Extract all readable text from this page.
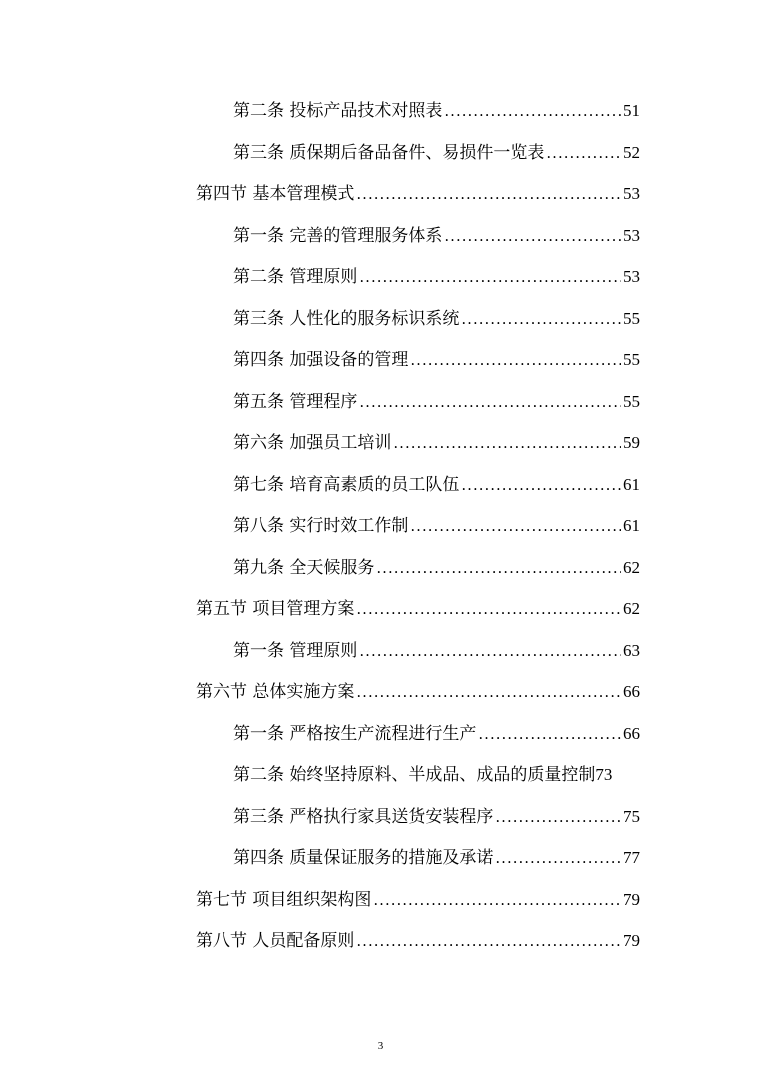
第二条 投标产品技术对照表 .....	51
第三条 质保期后备品备件、易损件一览表 .....	52
第四节 基本管理模式 .....	53
第一条 完善的管理服务体系 .....	53
第二条 管理原则 .....	53
第三条 人性化的服务标识系统 .....	55
第四条 加强设备的管理 .....	55
第五条 管理程序 .....	55
第六条 加强员工培训 .....	59
第七条 培育高素质的员工队伍 .....	61
第八条 实行时效工作制 .....	61
第九条 全天候服务 .....	62
第五节 项目管理方案 .....	62
第一条 管理原则 .....	63
第六节 总体实施方案 .....	66
第一条 严格按生产流程进行生产 .....	66
第二条 始终坚持原料、半成品、成品的质量控制 73
第三条 严格执行家具送货安装程序 .....	75
第四条 质量保证服务的措施及承诺 .....	77
第七节 项目组织架构图 .....	79
第八节 人员配备原则 .....	79
3
